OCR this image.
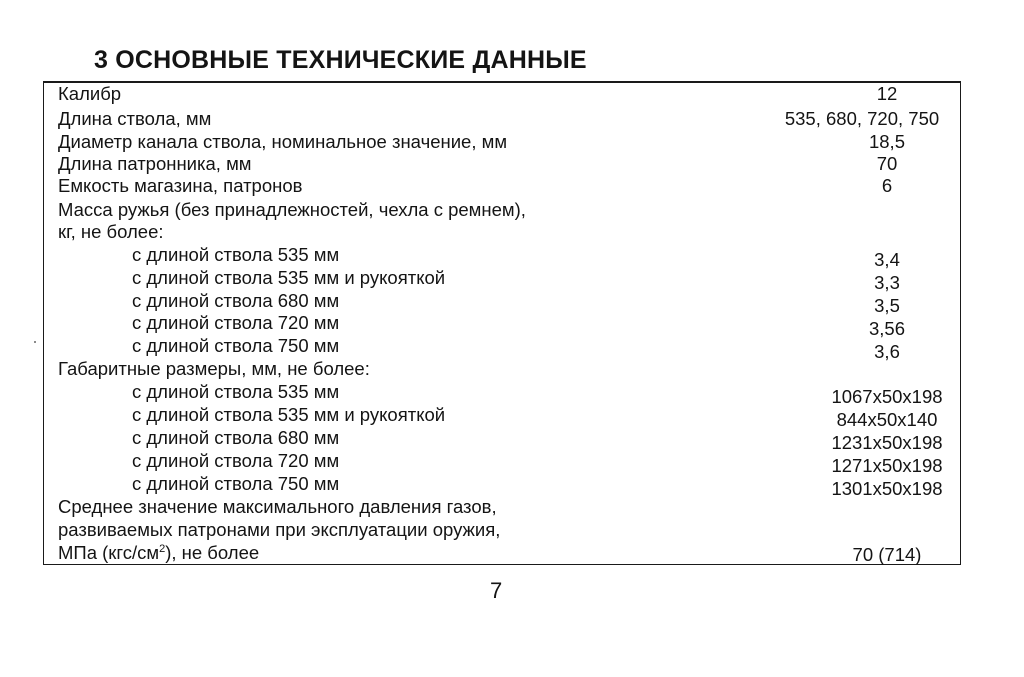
3 ОСНОВНЫЕ ТЕХНИЧЕСКИЕ ДАННЫЕ
Калибр	12
Длина ствола, мм	535, 680, 720, 750
Диаметр канала ствола, номинальное значение, мм	18,5
Длина патронника, мм	70
Емкость магазина, патронов	6
Масса ружья (без принадлежностей, чехла с ремнем),
кг, не более:
с длиной ствола 535 мм	3,4
с длиной ствола 535 мм и рукояткой	3,3
с длиной ствола 680 мм	3,5
с длиной ствола 720 мм	3,56
с длиной ствола 750 мм	3,6
Габаритные размеры, мм, не более:
с длиной ствола 535 мм	1067x50x198
с длиной ствола 535 мм и рукояткой	844x50x140
с длиной ствола 680 мм	1231x50x198
с длиной ствола 720 мм	1271x50x198
с длиной ствола 750 мм	1301x50x198
Среднее значение максимального давления газов,
развиваемых патронами при эксплуатации оружия,
МПа $(кгс/см^2)$, не более	70 (714)
7
